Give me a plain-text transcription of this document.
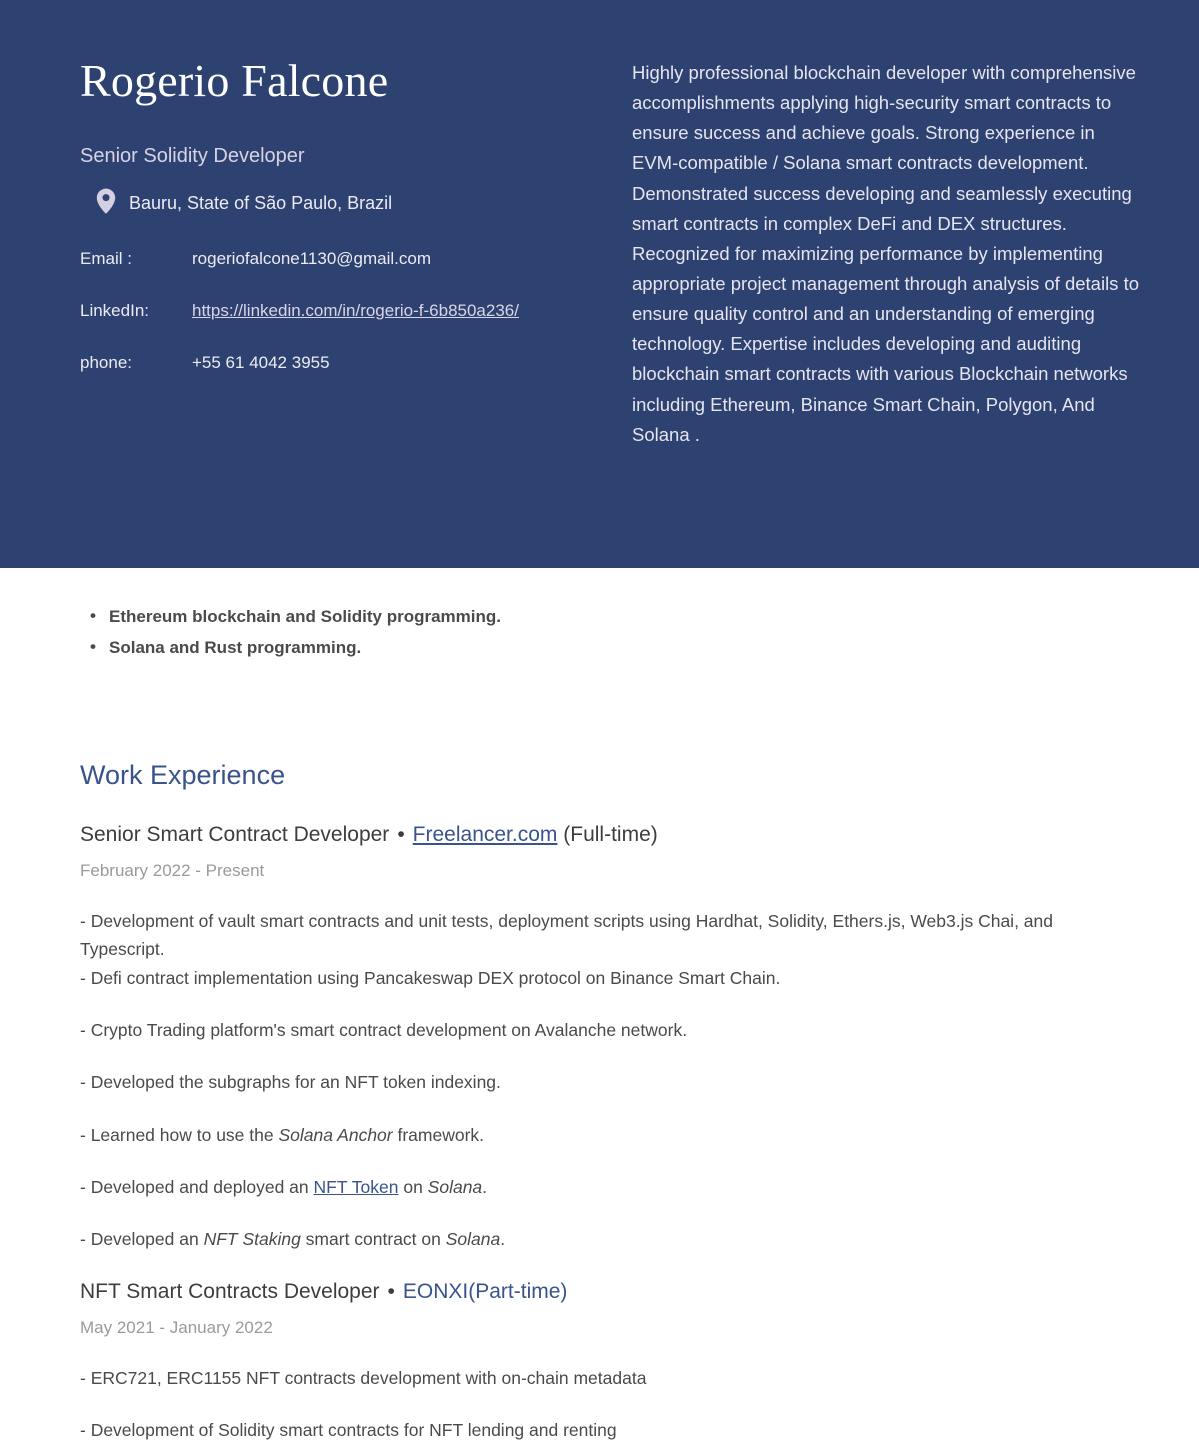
Rogerio Falcone
Senior Solidity Developer
Bauru, State of São Paulo, Brazil
Email :	rogeriofalcone1130@gmail.com
LinkedIn:	https://linkedin.com/in/rogerio-f-6b850a236/
phone:	+55 61 4042 3955

Highly professional blockchain developer with comprehensive accomplishments applying high-security smart contracts to ensure success and achieve goals. Strong experience in EVM-compatible / Solana smart contracts development. Demonstrated success developing and seamlessly executing smart contracts in complex DeFi and DEX structures. Recognized for maximizing performance by implementing appropriate project management through analysis of details to ensure quality control and an understanding of emerging technology. Expertise includes developing and auditing blockchain smart contracts with various Blockchain networks including Ethereum, Binance Smart Chain, Polygon, And Solana .

• Ethereum blockchain and Solidity programming.
• Solana and Rust programming.
Work Experience
Senior Smart Contract Developer • Freelancer.com (Full-time)
February 2022 - Present

- Development of vault smart contracts and unit tests, deployment scripts using Hardhat, Solidity, Ethers.js, Web3.js Chai, and Typescript.
- Defi contract implementation using Pancakeswap DEX protocol on Binance Smart Chain.

- Crypto Trading platform's smart contract development on Avalanche network.

- Developed the subgraphs for an NFT token indexing.

- Learned how to use the Solana Anchor framework.

- Developed and deployed an NFT Token on Solana.

- Developed an NFT Staking smart contract on Solana.

NFT Smart Contracts Developer • EONXI(Part-time)
May 2021 - January 2022

- ERC721, ERC1155 NFT contracts development with on-chain metadata

- Development of Solidity smart contracts for NFT lending and renting
